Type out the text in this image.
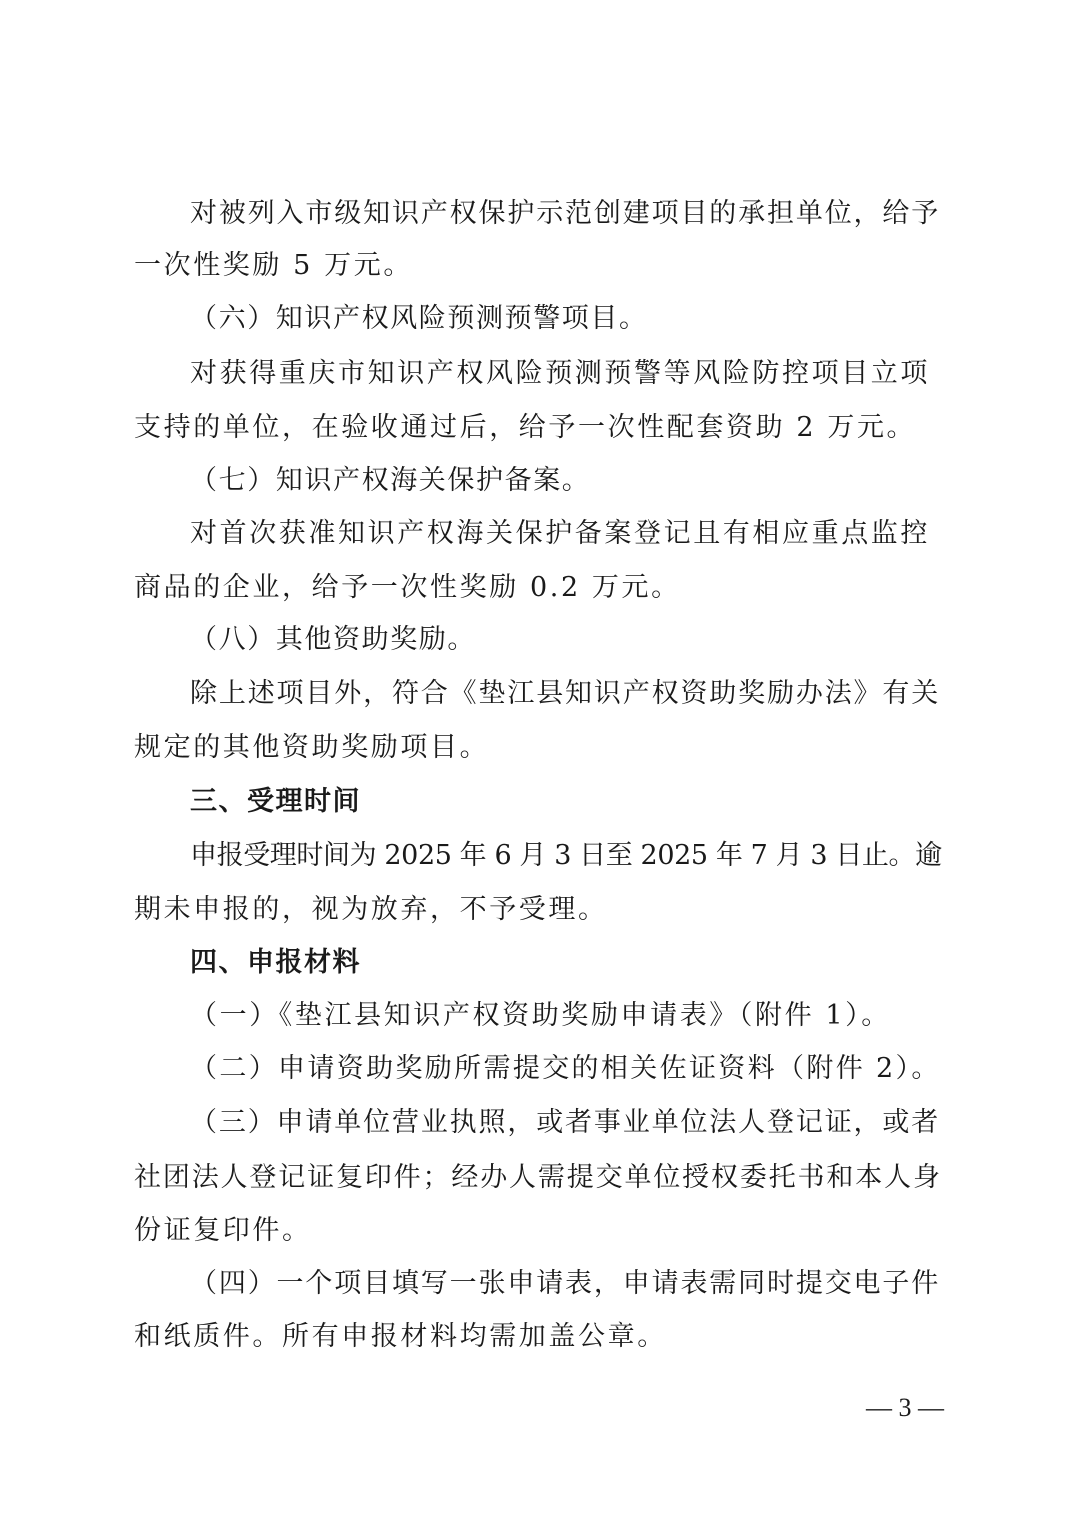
对被列入市级知识产权保护示范创建项目的承担单位，给予
一次性奖励 5 万元。
（六）知识产权风险预测预警项目。
对获得重庆市知识产权风险预测预警等风险防控项目立项
支持的单位，在验收通过后，给予一次性配套资助 2 万元。
（七）知识产权海关保护备案。
对首次获准知识产权海关保护备案登记且有相应重点监控
商品的企业，给予一次性奖励 0.2 万元。
（八）其他资助奖励。
除上述项目外，符合《垫江县知识产权资助奖励办法》有关
规定的其他资助奖励项目。
三、受理时间
申报受理时间为 2025 年 6 月 3 日至 2025 年 7 月 3 日止。逾
期未申报的，视为放弃，不予受理。
四、申报材料
（一）《垫江县知识产权资助奖励申请表》（附件 1）。
（二）申请资助奖励所需提交的相关佐证资料（附件 2）。
（三）申请单位营业执照，或者事业单位法人登记证，或者
社团法人登记证复印件；经办人需提交单位授权委托书和本人身
份证复印件。
（四）一个项目填写一张申请表，申请表需同时提交电子件
和纸质件。所有申报材料均需加盖公章。
— 3 —
